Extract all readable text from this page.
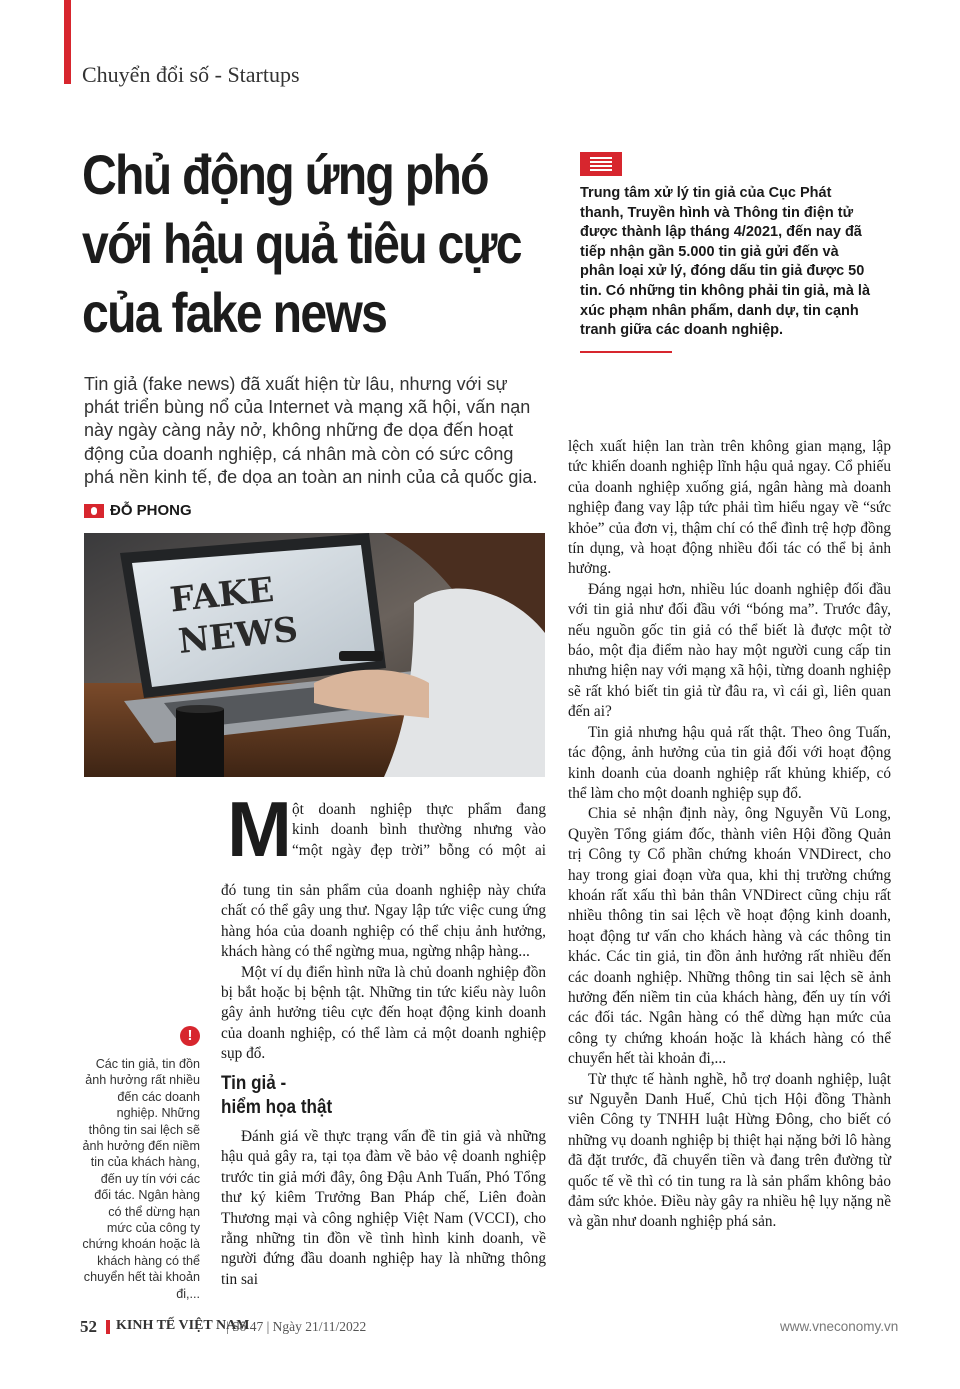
Chuyển đổi số - Startups
Chủ động ứng phó
với hậu quả tiêu cực
của fake news
Trung tâm xử lý tin giả của Cục Phát thanh, Truyền hình và Thông tin điện tử được thành lập tháng 4/2021, đến nay đã tiếp nhận gần 5.000 tin giả gửi đến và phân loại xử lý, đóng dấu tin giả được 50 tin. Có những tin không phải tin giả, mà là xúc phạm nhân phẩm, danh dự, tin cạnh tranh giữa các doanh nghiệp.
Tin giả (fake news) đã xuất hiện từ lâu, nhưng với sự phát triển bùng nổ của Internet và mạng xã hội, vấn nạn này ngày càng nảy nở, không những đe dọa đến hoạt động của doanh nghiệp, cá nhân mà còn có sức công phá nền kinh tế, đe dọa an toàn an ninh của cả quốc gia.
ĐỖ PHONG
FAKE
NEWS
M ột doanh nghiệp thực phẩm đang
kinh doanh bình thường nhưng vào
“một ngày đẹp trời” bỗng có một ai

đó tung tin sản phẩm của doanh nghiệp này chứa chất có thể gây ung thư. Ngay lập tức việc cung ứng hàng hóa của doanh nghiệp có thể chịu ảnh hưởng, khách hàng có thể ngừng mua, ngừng nhập hàng...

Một ví dụ điển hình nữa là chủ doanh nghiệp đồn bị bắt hoặc bị bệnh tật. Những tin tức kiểu này luôn gây ảnh hưởng tiêu cực đến hoạt động kinh doanh của doanh nghiệp, có thể làm cả một doanh nghiệp sụp đổ.

Tin giả -
hiểm họa thật

Đánh giá về thực trạng vấn đề tin giả và những hậu quả gây ra, tại tọa đàm về bảo vệ doanh nghiệp trước tin giả mới đây, ông Đậu Anh Tuấn, Phó Tổng thư ký kiêm Trưởng Ban Pháp chế, Liên đoàn Thương mại và công nghiệp Việt Nam (VCCI), cho rằng những tin đồn về tình hình kinh doanh, về người đứng đầu doanh nghiệp hay là những thông tin sai

lệch xuất hiện lan tràn trên không gian mạng, lập tức khiến doanh nghiệp lĩnh hậu quả ngay. Cổ phiếu của doanh nghiệp xuống giá, ngân hàng mà doanh nghiệp đang vay lập tức phải tìm hiểu ngay về “sức khỏe” của đơn vị, thậm chí có thể đình trệ hợp đồng tín dụng, và hoạt động nhiều đối tác có thể bị ảnh hưởng.

Đáng ngại hơn, nhiều lúc doanh nghiệp đối đầu với tin giả như đối đầu với “bóng ma”. Trước đây, nếu nguồn gốc tin giả có thể biết là được một tờ báo, một địa điểm nào hay một người cung cấp tin nhưng hiện nay với mạng xã hội, từng doanh nghiệp sẽ rất khó biết tin giả từ đâu ra, vì cái gì, liên quan đến ai?

Tin giả nhưng hậu quả rất thật. Theo ông Tuấn, tác động, ảnh hưởng của tin giả đối với hoạt động kinh doanh của doanh nghiệp rất khủng khiếp, có thể làm cho một doanh nghiệp sụp đổ.

Chia sẻ nhận định này, ông Nguyễn Vũ Long, Quyền Tổng giám đốc, thành viên Hội đồng Quản trị Công ty Cổ phần chứng khoán VNDirect, cho hay trong giai đoạn vừa qua, khi thị trường chứng khoán rất xấu thì bản thân VNDirect cũng chịu rất nhiều thông tin sai lệch về hoạt động kinh doanh, hoạt động tư vấn cho khách hàng và các thông tin khác. Các tin giả, tin đồn ảnh hưởng rất nhiều đến các doanh nghiệp. Những thông tin sai lệch sẽ ảnh hưởng đến niềm tin của khách hàng, đến uy tín với các đối tác. Ngân hàng có thể dừng hạn mức của công ty chứng khoán hoặc là khách hàng có thể chuyển hết tài khoản đi,...

Từ thực tế hành nghề, hỗ trợ doanh nghiệp, luật sư Nguyễn Danh Huế, Chủ tịch Hội đồng Thành viên Công ty TNHH luật Hừng Đông, cho biết có những vụ doanh nghiệp bị thiệt hại nặng bởi lô hàng đã đặt trước, đã chuyển tiền và đang trên đường từ quốc tế về thì có tin tung ra là sản phẩm không bảo đảm sức khỏe. Điều này gây ra nhiều hệ lụy nặng nề và gần như doanh nghiệp phá sản.

!
Các tin giả, tin đồn ảnh hưởng rất nhiều đến các doanh nghiệp. Những thông tin sai lệch sẽ ảnh hưởng đến niềm tin của khách hàng, đến uy tín với các đối tác. Ngân hàng có thể dừng hạn mức của công ty chứng khoán hoặc là khách hàng có thể chuyển hết tài khoản đi,...
52 KINH TẾ VIỆT NAM
| Số 47 | Ngày 21/11/2022	www.vneconomy.vn
